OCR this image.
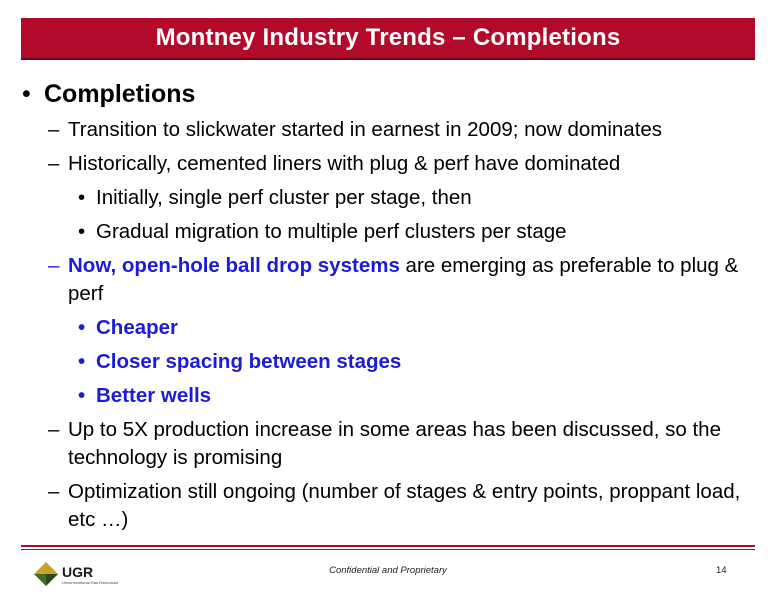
Montney Industry Trends – Completions
• Completions
– Transition to slickwater started in earnest in 2009; now dominates
– Historically, cemented liners with plug & perf have dominated
• Initially, single perf cluster per stage, then
• Gradual migration to multiple perf clusters per stage
– Now, open-hole ball drop systems are emerging as preferable to plug & perf
• Cheaper
• Closer spacing between stages
• Better wells
– Up to 5X production increase in some areas has been discussed, so the technology is promising
– Optimization still ongoing (number of stages & entry points, proppant load, etc …)
UGR
Unconventional Gas Resources
Confidential and Proprietary	14
